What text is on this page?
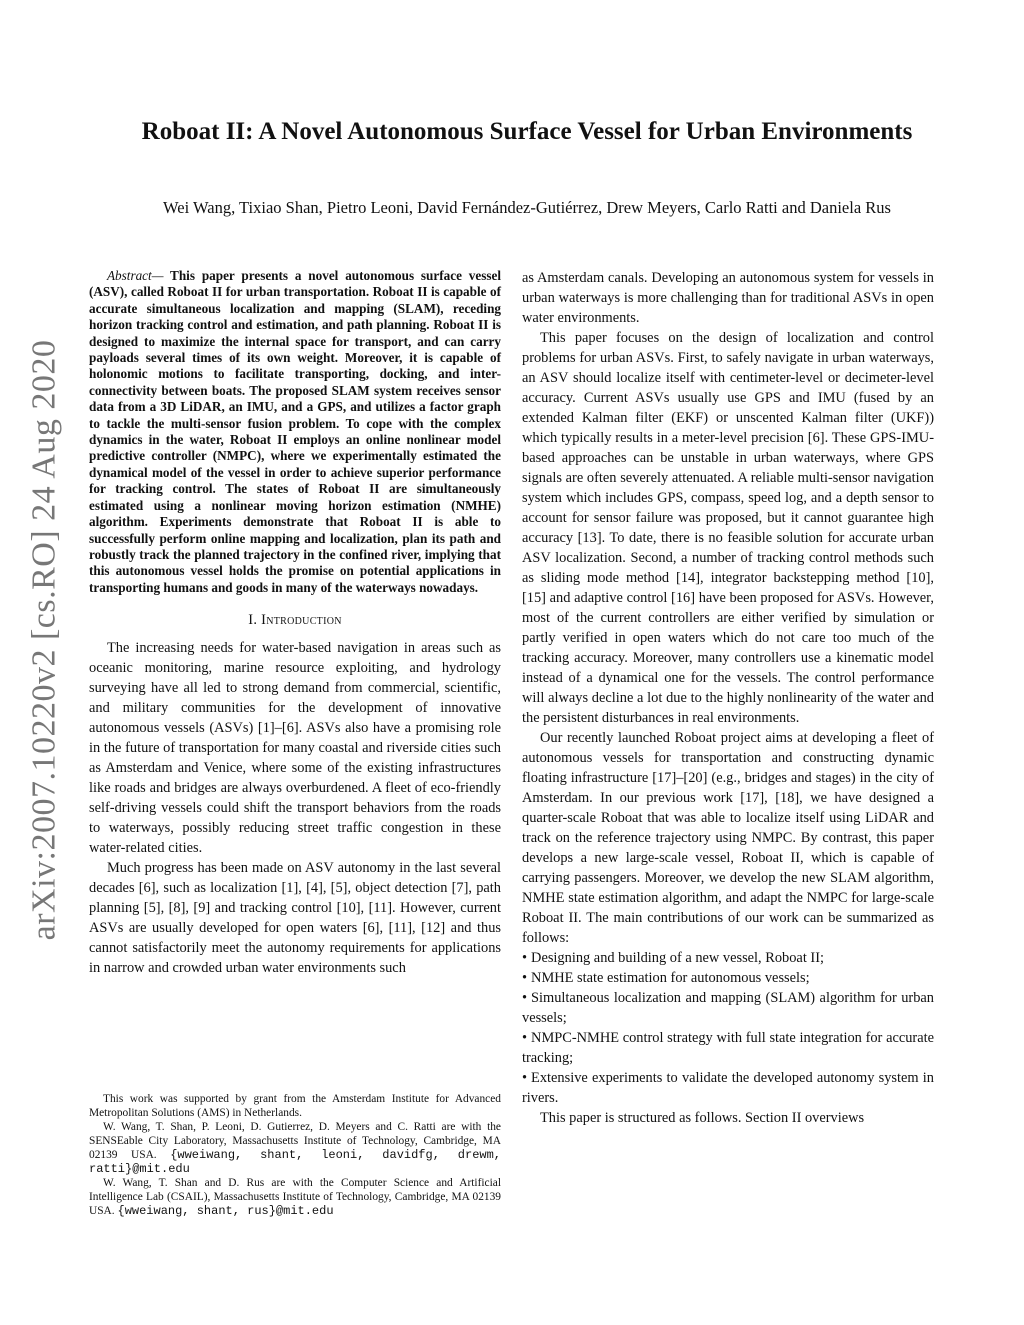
arXiv:2007.10220v2 [cs.RO] 24 Aug 2020
Roboat II: A Novel Autonomous Surface Vessel for Urban Environments

Wei Wang, Tixiao Shan, Pietro Leoni, David Fernández-Gutiérrez, Drew Meyers, Carlo Ratti and Daniela Rus

Abstract— This paper presents a novel autonomous surface vessel (ASV), called Roboat II for urban transportation. Roboat II is capable of accurate simultaneous localization and mapping (SLAM), receding horizon tracking control and estimation, and path planning. Roboat II is designed to maximize the internal space for transport, and can carry payloads several times of its own weight. Moreover, it is capable of holonomic motions to facilitate transporting, docking, and inter-connectivity between boats. The proposed SLAM system receives sensor data from a 3D LiDAR, an IMU, and a GPS, and utilizes a factor graph to tackle the multi-sensor fusion problem. To cope with the complex dynamics in the water, Roboat II employs an online nonlinear model predictive controller (NMPC), where we experimentally estimated the dynamical model of the vessel in order to achieve superior performance for tracking control. The states of Roboat II are simultaneously estimated using a nonlinear moving horizon estimation (NMHE) algorithm. Experiments demonstrate that Roboat II is able to successfully perform online mapping and localization, plan its path and robustly track the planned trajectory in the confined river, implying that this autonomous vessel holds the promise on potential applications in transporting humans and goods in many of the waterways nowadays.

I. Introduction

The increasing needs for water-based navigation in areas such as oceanic monitoring, marine resource exploiting, and hydrology surveying have all led to strong demand from commercial, scientific, and military communities for the development of innovative autonomous vessels (ASVs) [1]–[6]. ASVs also have a promising role in the future of transportation for many coastal and riverside cities such as Amsterdam and Venice, where some of the existing infrastructures like roads and bridges are always overburdened. A fleet of eco-friendly self-driving vessels could shift the transport behaviors from the roads to waterways, possibly reducing street traffic congestion in these water-related cities.

Much progress has been made on ASV autonomy in the last several decades [6], such as localization [1], [4], [5], object detection [7], path planning [5], [8], [9] and tracking control [10], [11]. However, current ASVs are usually developed for open waters [6], [11], [12] and thus cannot satisfactorily meet the autonomy requirements for applications in narrow and crowded urban water environments such

This work was supported by grant from the Amsterdam Institute for Advanced Metropolitan Solutions (AMS) in Netherlands.

W. Wang, T. Shan, P. Leoni, D. Gutierrez, D. Meyers and C. Ratti are with the SENSEable City Laboratory, Massachusetts Institute of Technology, Cambridge, MA 02139 USA. {wweiwang, shant, leoni, davidfg, drewm, ratti}@mit.edu

W. Wang, T. Shan and D. Rus are with the Computer Science and Artificial Intelligence Lab (CSAIL), Massachusetts Institute of Technology, Cambridge, MA 02139 USA. {wweiwang, shant, rus}@mit.edu

as Amsterdam canals. Developing an autonomous system for vessels in urban waterways is more challenging than for traditional ASVs in open water environments.

This paper focuses on the design of localization and control problems for urban ASVs. First, to safely navigate in urban waterways, an ASV should localize itself with centimeter-level or decimeter-level accuracy. Current ASVs usually use GPS and IMU (fused by an extended Kalman filter (EKF) or unscented Kalman filter (UKF)) which typically results in a meter-level precision [6]. These GPS-IMU-based approaches can be unstable in urban waterways, where GPS signals are often severely attenuated. A reliable multi-sensor navigation system which includes GPS, compass, speed log, and a depth sensor to account for sensor failure was proposed, but it cannot guarantee high accuracy [13]. To date, there is no feasible solution for accurate urban ASV localization. Second, a number of tracking control methods such as sliding mode method [14], integrator backstepping method [10], [15] and adaptive control [16] have been proposed for ASVs. However, most of the current controllers are either verified by simulation or partly verified in open waters which do not care too much of the tracking accuracy. Moreover, many controllers use a kinematic model instead of a dynamical one for the vessels. The control performance will always decline a lot due to the highly nonlinearity of the water and the persistent disturbances in real environments.

Our recently launched Roboat project aims at developing a fleet of autonomous vessels for transportation and constructing dynamic floating infrastructure [17]–[20] (e.g., bridges and stages) in the city of Amsterdam. In our previous work [17], [18], we have designed a quarter-scale Roboat that was able to localize itself using LiDAR and track on the reference trajectory using NMPC. By contrast, this paper develops a new large-scale vessel, Roboat II, which is capable of carrying passengers. Moreover, we develop the new SLAM algorithm, NMHE state estimation algorithm, and adapt the NMPC for large-scale Roboat II. The main contributions of our work can be summarized as follows:

• Designing and building of a new vessel, Roboat II;
• NMHE state estimation for autonomous vessels;
• Simultaneous localization and mapping (SLAM) algorithm for urban vessels;
• NMPC-NMHE control strategy with full state integration for accurate tracking;
• Extensive experiments to validate the developed autonomy system in rivers.

This paper is structured as follows. Section II overviews
